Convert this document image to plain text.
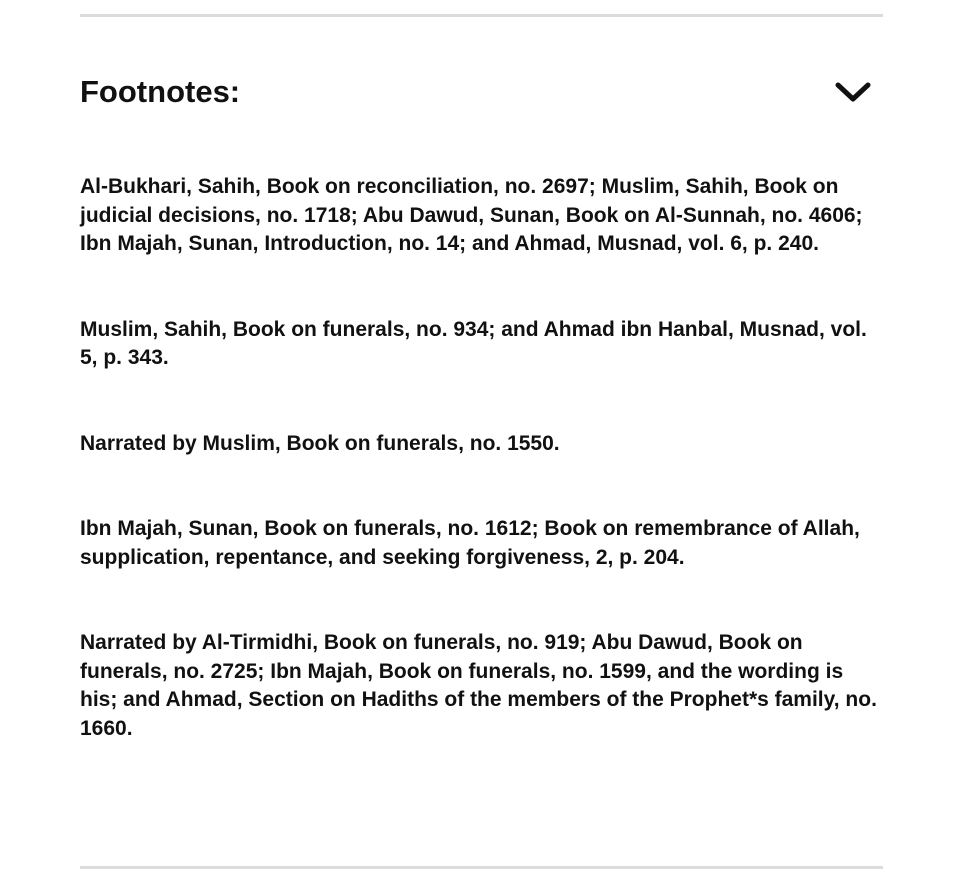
Footnotes:
Al-Bukhari, Sahih, Book on reconciliation, no. 2697; Muslim, Sahih, Book on judicial decisions, no. 1718; Abu Dawud, Sunan, Book on Al-Sunnah, no. 4606; Ibn Majah, Sunan, Introduction, no. 14; and Ahmad, Musnad, vol. 6, p. 240.
Muslim, Sahih, Book on funerals, no. 934; and Ahmad ibn Hanbal, Musnad, vol. 5, p. 343.
Narrated by Muslim, Book on funerals, no. 1550.
Ibn Majah, Sunan, Book on funerals, no. 1612; Book on remembrance of Allah, supplication, repentance, and seeking forgiveness, 2, p. 204.
Narrated by Al-Tirmidhi, Book on funerals, no. 919; Abu Dawud, Book on funerals, no. 2725; Ibn Majah, Book on funerals, no. 1599, and the wording is his; and Ahmad, Section on Hadiths of the members of the Prophet*s family, no. 1660.
